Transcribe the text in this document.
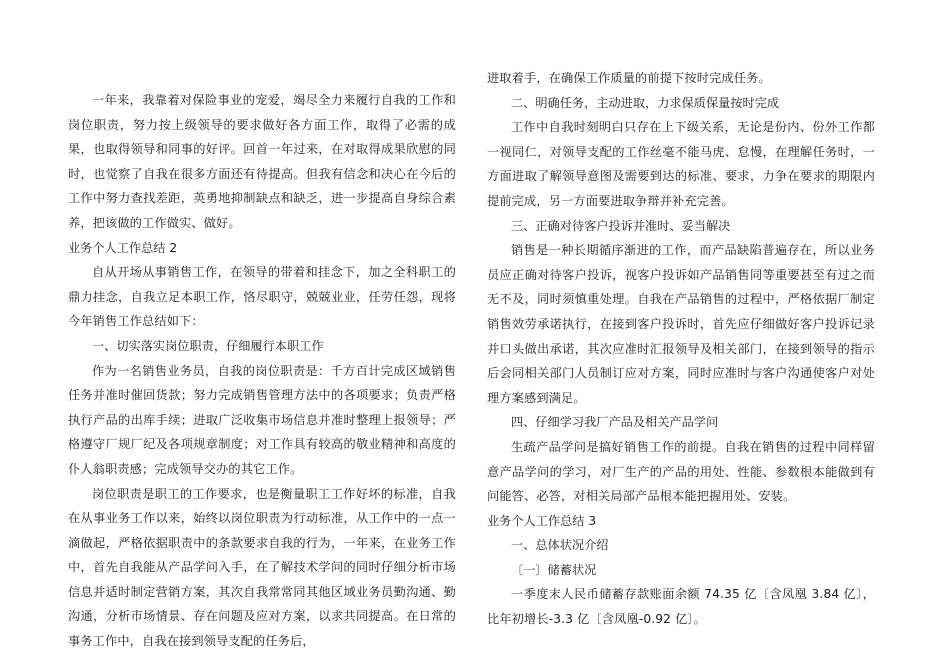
一年来，我靠着对保险事业的宠爱，竭尽全力来履行自我的工作和岗位职责，努力按上级领导的要求做好各方面工作，取得了必需的成果，也取得领导和同事的好评。回首一年过来，在对取得成果欣慰的同时，也觉察了自我在很多方面还有待提高。但我有信念和决心在今后的工作中努力查找差距，英勇地抑制缺点和缺乏，进一步提高自身综合素养，把该做的工作做实、做好。

业务个人工作总结 2

自从开场从事销售工作，在领导的带着和挂念下，加之全科职工的鼎力挂念，自我立足本职工作，恪尽职守，兢兢业业，任劳任怨，现将今年销售工作总结如下：

一、切实落实岗位职责，仔细履行本职工作

作为一名销售业务员，自我的岗位职责是：千方百计完成区域销售任务并准时催回货款；努力完成销售管理方法中的各项要求；负责严格执行产品的出库手续；进取广泛收集市场信息并准时整理上报领导；严格遵守厂规厂纪及各项规章制度；对工作具有较高的敬业精神和高度的仆人翁职责感；完成领导交办的其它工作。

岗位职责是职工的工作要求，也是衡量职工工作好坏的标准，自我在从事业务工作以来，始终以岗位职责为行动标准，从工作中的一点一滴做起，严格依据职责中的条款要求自我的行为，一年来，在业务工作中，首先自我能从产品学问入手，在了解技术学问的同时仔细分析市场信息并适时制定营销方案，其次自我常常同其他区域业务员勤沟通、勤沟通，分析市场情景、存在问题及应对方案，以求共同提高。在日常的事务工作中，自我在接到领导支配的任务后，

进取着手，在确保工作质量的前提下按时完成任务。

二、明确任务，主动进取，力求保质保量按时完成

工作中自我时刻明白只存在上下级关系，无论是份内、份外工作都一视同仁，对领导支配的工作丝毫不能马虎、怠慢，在理解任务时，一方面进取了解领导意图及需要到达的标准、要求，力争在要求的期限内提前完成，另一方面要进取争辩并补充完善。

三、正确对待客户投诉并准时、妥当解决

销售是一种长期循序渐进的工作，而产品缺陷普遍存在，所以业务员应正确对待客户投诉，视客户投诉如产品销售同等重要甚至有过之而无不及，同时须慎重处理。自我在产品销售的过程中，严格依据厂制定销售效劳承诺执行，在接到客户投诉时，首先应仔细做好客户投诉记录并口头做出承诺，其次应准时汇报领导及相关部门，在接到领导的指示后会同相关部门人员制订应对方案，同时应准时与客户沟通使客户对处理方案感到满足。

四、仔细学习我厂产品及相关产品学问

生疏产品学问是搞好销售工作的前提。自我在销售的过程中同样留意产品学问的学习，对厂生产的产品的用处、性能、参数根本能做到有问能答、必答，对相关局部产品根本能把握用处、安装。

业务个人工作总结 3

一、总体状况介绍

〔一〕储蓄状况

一季度末人民币储蓄存款账面余额 74.35 亿〔含凤凰 3.84 亿〕，比年初增长-3.3 亿〔含凤凰-0.92 亿〕。
